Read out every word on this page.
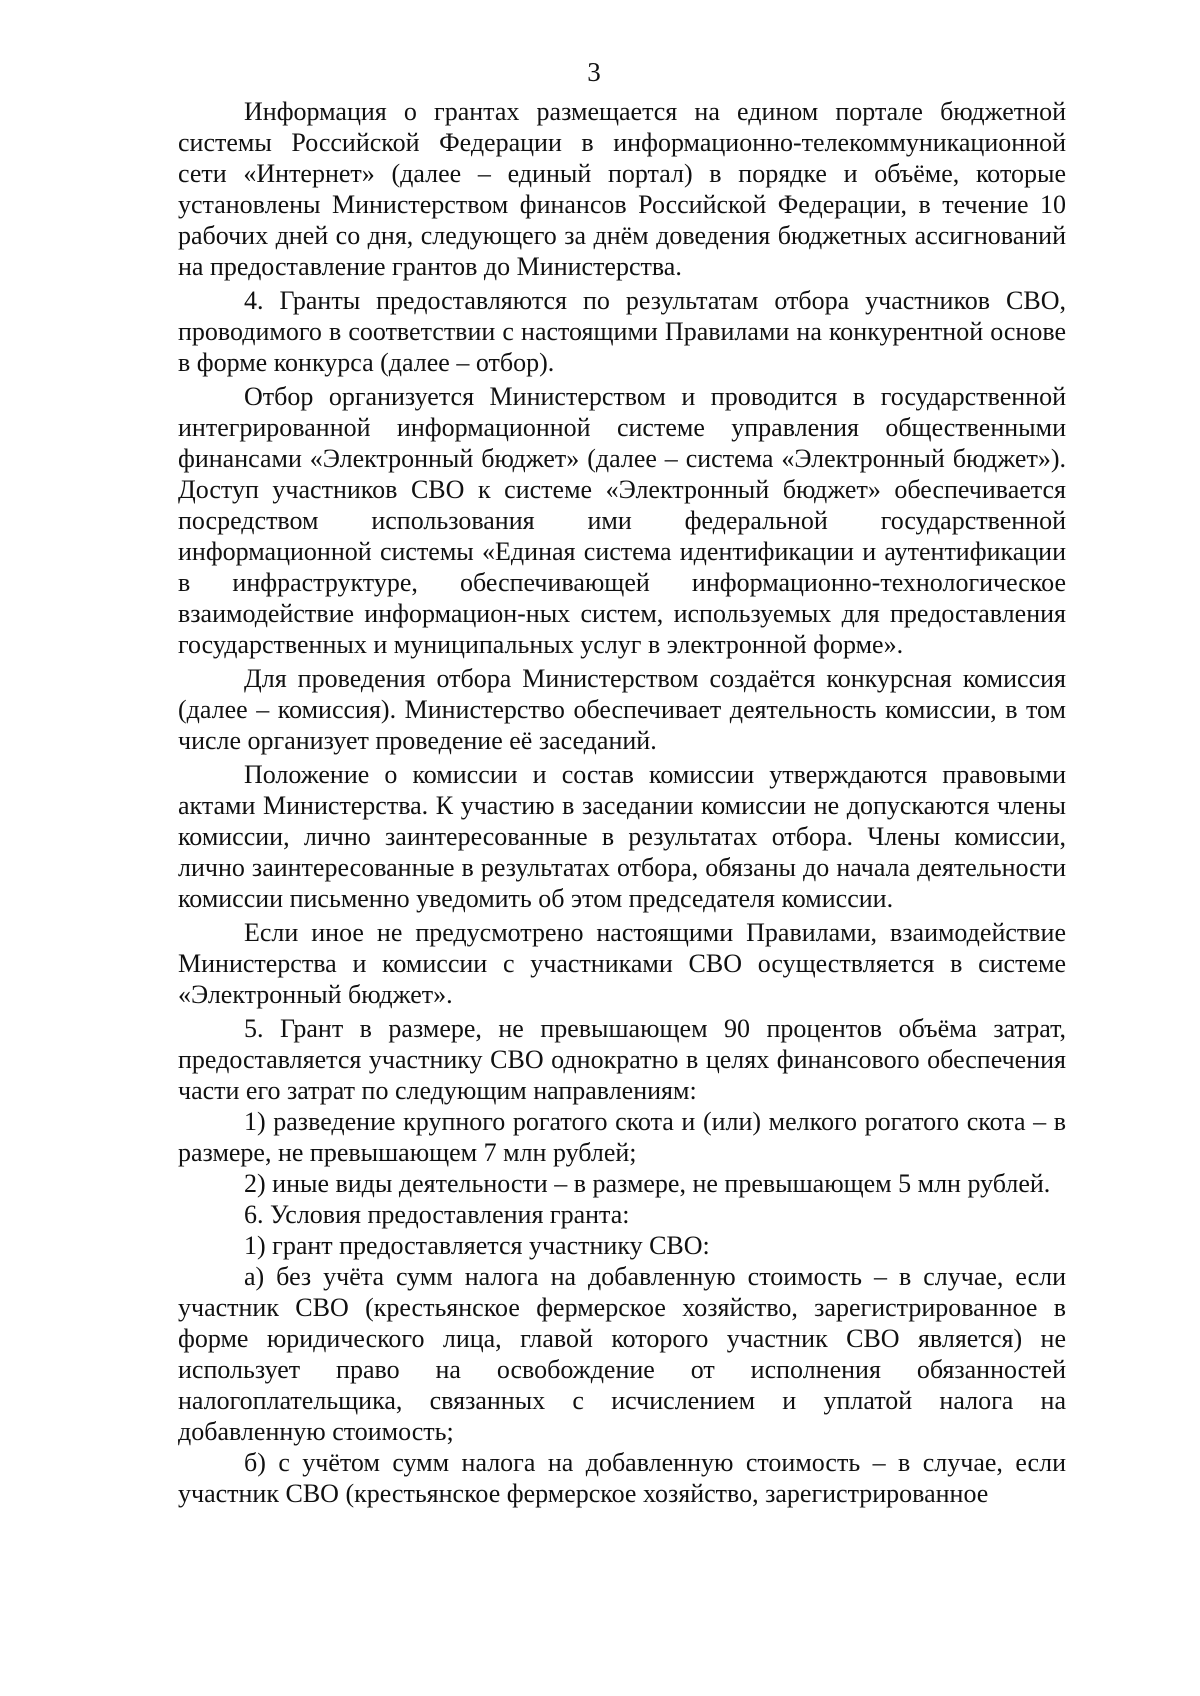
3

Информация о грантах размещается на едином портале бюджетной системы Российской Федерации в информационно-телекоммуникационной сети «Интернет» (далее – единый портал) в порядке и объёме, которые установлены Министерством финансов Российской Федерации, в течение 10 рабочих дней со дня, следующего за днём доведения бюджетных ассигнований на предоставление грантов до Министерства.

4. Гранты предоставляются по результатам отбора участников СВО, проводимого в соответствии с настоящими Правилами на конкурентной основе в форме конкурса (далее – отбор).

Отбор организуется Министерством и проводится в государственной интегрированной информационной системе управления общественными финансами «Электронный бюджет» (далее – система «Электронный бюджет»). Доступ участников СВО к системе «Электронный бюджет» обеспечивается посредством использования ими федеральной государственной информационной системы «Единая система идентификации и аутентификации в инфраструктуре, обеспечивающей информационно-технологическое взаимодействие информацион-ных систем, используемых для предоставления государственных и муниципальных услуг в электронной форме».

Для проведения отбора Министерством создаётся конкурсная комиссия (далее – комиссия). Министерство обеспечивает деятельность комиссии, в том числе организует проведение её заседаний.

Положение о комиссии и состав комиссии утверждаются правовыми актами Министерства. К участию в заседании комиссии не допускаются члены комиссии, лично заинтересованные в результатах отбора. Члены комиссии, лично заинтересованные в результатах отбора, обязаны до начала деятельности комиссии письменно уведомить об этом председателя комиссии.

Если иное не предусмотрено настоящими Правилами, взаимодействие Министерства и комиссии с участниками СВО осуществляется в системе «Электронный бюджет».

5. Грант в размере, не превышающем 90 процентов объёма затрат, предоставляется участнику СВО однократно в целях финансового обеспечения части его затрат по следующим направлениям:

1) разведение крупного рогатого скота и (или) мелкого рогатого скота – в размере, не превышающем 7 млн рублей;

2) иные виды деятельности – в размере, не превышающем 5 млн рублей.

6. Условия предоставления гранта:

1) грант предоставляется участнику СВО:

а) без учёта сумм налога на добавленную стоимость – в случае, если участник СВО (крестьянское фермерское хозяйство, зарегистрированное в форме юридического лица, главой которого участник СВО является) не использует право на освобождение от исполнения обязанностей налогоплательщика, связанных с исчислением и уплатой налога на добавленную стоимость;

б) с учётом сумм налога на добавленную стоимость – в случае, если участник СВО (крестьянское фермерское хозяйство, зарегистрированное
